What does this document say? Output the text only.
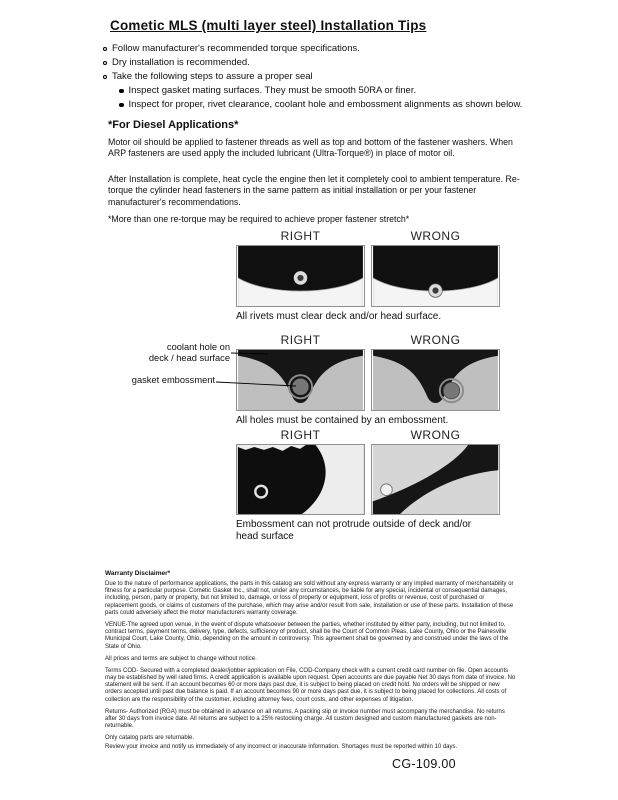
Cometic MLS (multi layer steel) Installation Tips
Follow manufacturer's recommended torque specifications.
Dry installation is recommended.
Take the following steps to assure a proper seal
Inspect gasket mating surfaces. They must be smooth 50RA or finer.
Inspect for proper, rivet clearance, coolant hole and embossment alignments as shown below.
*For Diesel Applications*

Motor oil should be applied to fastener threads as well as top and bottom of the fastener washers. When ARP fasteners are used apply the included lubricant (Ultra-Torque®) in place of motor oil.

After Installation is complete, heat cycle the engine then let it completely cool to ambient temperature. Re-torque the cylinder head fasteners in the same pattern as initial installation or per your fastener manufacturer's recommendations.

*More than one re-torque may be required to achieve proper fastener stretch*

RIGHT	WRONG
All rivets must clear deck and/or head surface.
RIGHT	WRONG
All holes must be contained by an embossment.
coolant hole on
deck / head surface
gasket embossment
RIGHT	WRONG
Embossment can not protrude outside of deck and/or head surface
Warranty Disclaimer*

Due to the nature of performance applications, the parts in this catalog are sold without any express warranty or any implied warranty of merchantability or fitness for a particular purpose. Cometic Gasket Inc., shall not, under any circumstances, be liable for any special, incidental or consequential damages, including, person, party or property, but not limited to, damage, or loss of property or equipment, loss of profits or revenue, cost of purchased or replacement goods, or claims of customers of the purchase, which may arise and/or result from sale, installation or use of these parts. Installation of these parts could adversely affect the motor manufacturers warranty coverage.

VENUE-The agreed upon venue, in the event of dispute whatsoever between the parties, whether instituted by either party, including, but not limited to, contract terms, payment terms, delivery, type, defects, sufficiency of product, shall be the Court of Common Pleas, Lake County, Ohio or the Painesville Municipal Court, Lake County, Ohio, depending on the amount in controversy. This agreement shall be governed by and construed under the laws of the State of Ohio.

All prices and terms are subject to change without notice.

Terms COD- Secured with a completed dealer/jobber application on File, COD-Company check with a current credit card number on file. Open accounts may be established by well rated firms. A credit application is available upon request. Open accounts are due payable Net 30 days from date of invoice. No statement will be sent. If an account becomes 60 or more days past due, it is subject to being placed on credit hold. No orders will be shipped or new orders accepted until past due balance is paid. If an account becomes 90 or more days past due, it is subject to being placed for collections. All costs of collection are the responsibility of the customer, including attorney fees, court costs, and other expenses of litigation.

Returns- Authorized (RGA) must be obtained in advance on all returns. A packing slip or invoice number must accompany the merchandise. No returns after 30 days from invoice date. All returns are subject to a 25% restocking charge. All custom designed and custom manufactured gaskets are non-returnable.

Only catalog parts are returnable.

Review your invoice and notify us immediately of any incorrect or inaccurate information. Shortages must be reported within 10 days.

CG-109.00
